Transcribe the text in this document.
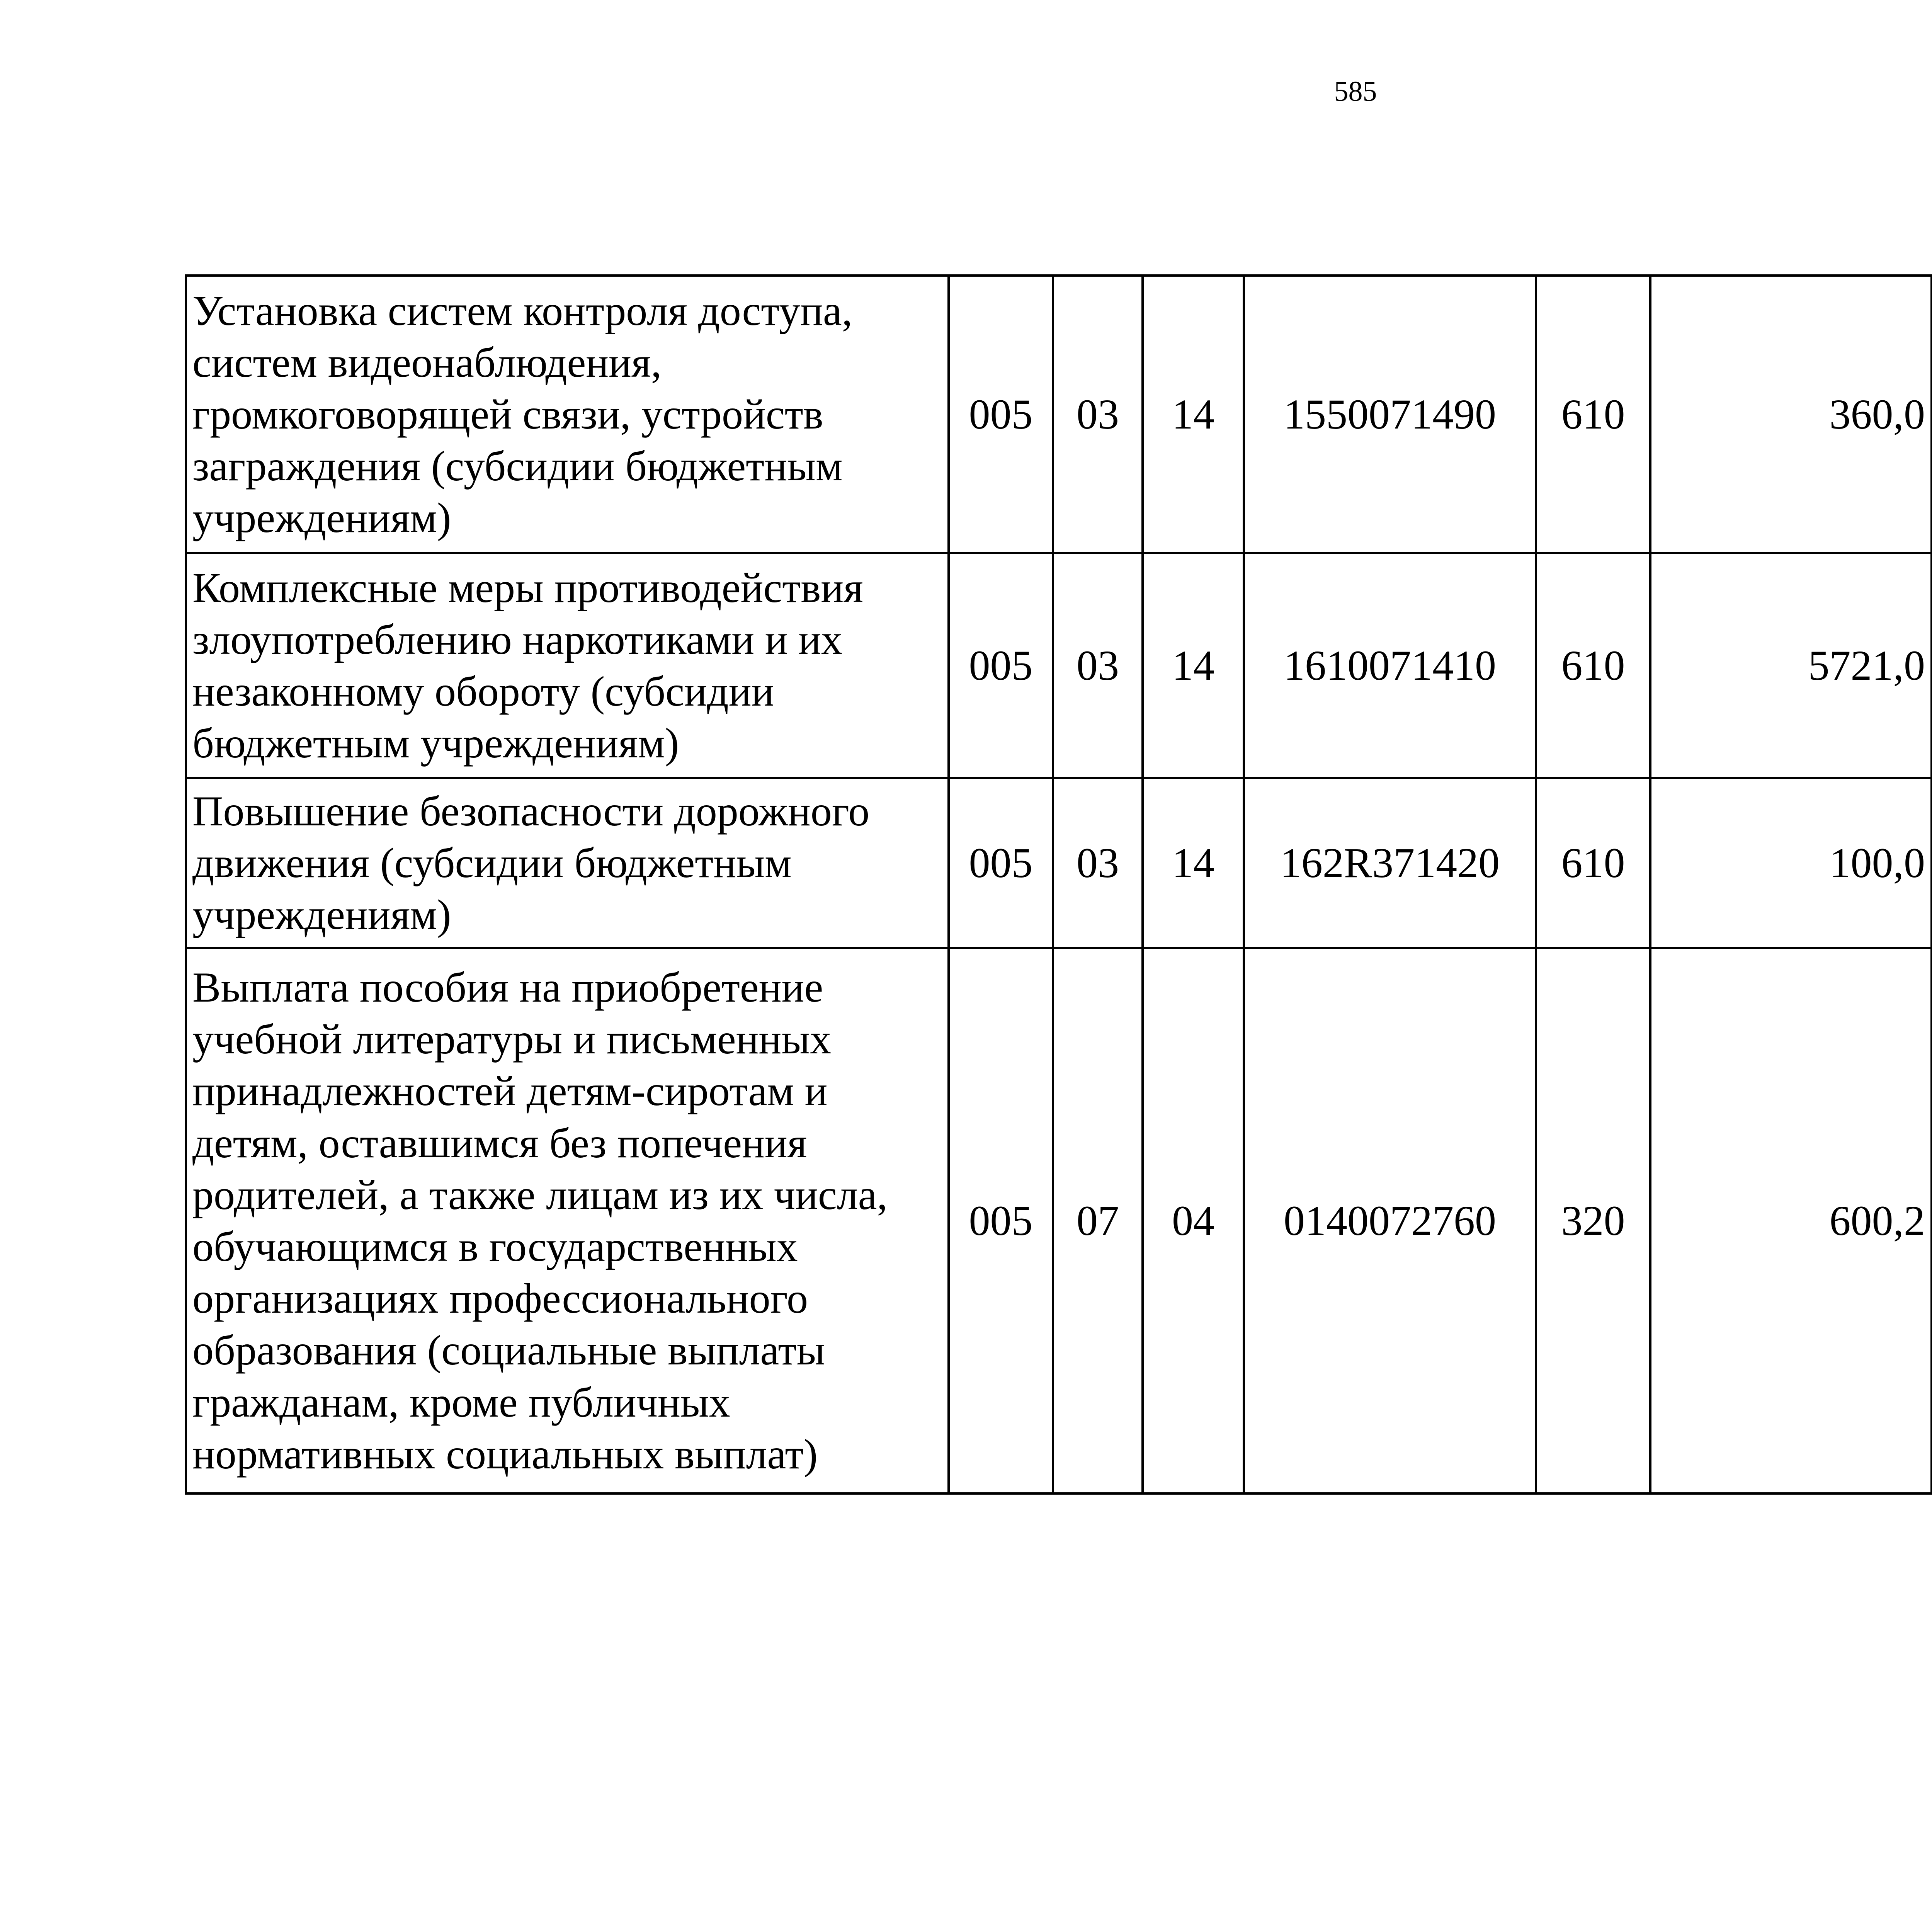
585
Установка систем контроля доступа, систем видеонаблюдения, громкоговорящей связи, устройств заграждения (субсидии бюджетным учреждениям)	005	03	14	1550071490	610	360,0		
Комплексные меры противодействия злоупотреблению наркотиками и их незаконному обороту (субсидии бюджетным учреждениям)	005	03	14	1610071410	610	5721,0		
Повышение безопасности дорожного движения (субсидии бюджетным учреждениям)	005	03	14	162R371420	610	100,0		
Выплата пособия на приобретение учебной литературы и письменных принадлежностей детям-сиротам и детям, оставшимся без попечения родителей, а также лицам из их числа, обучающимся в государственных организациях профессионального образования (социальные выплаты гражданам, кроме публичных нормативных социальных выплат)	005	07	04	0140072760	320	600,2		
